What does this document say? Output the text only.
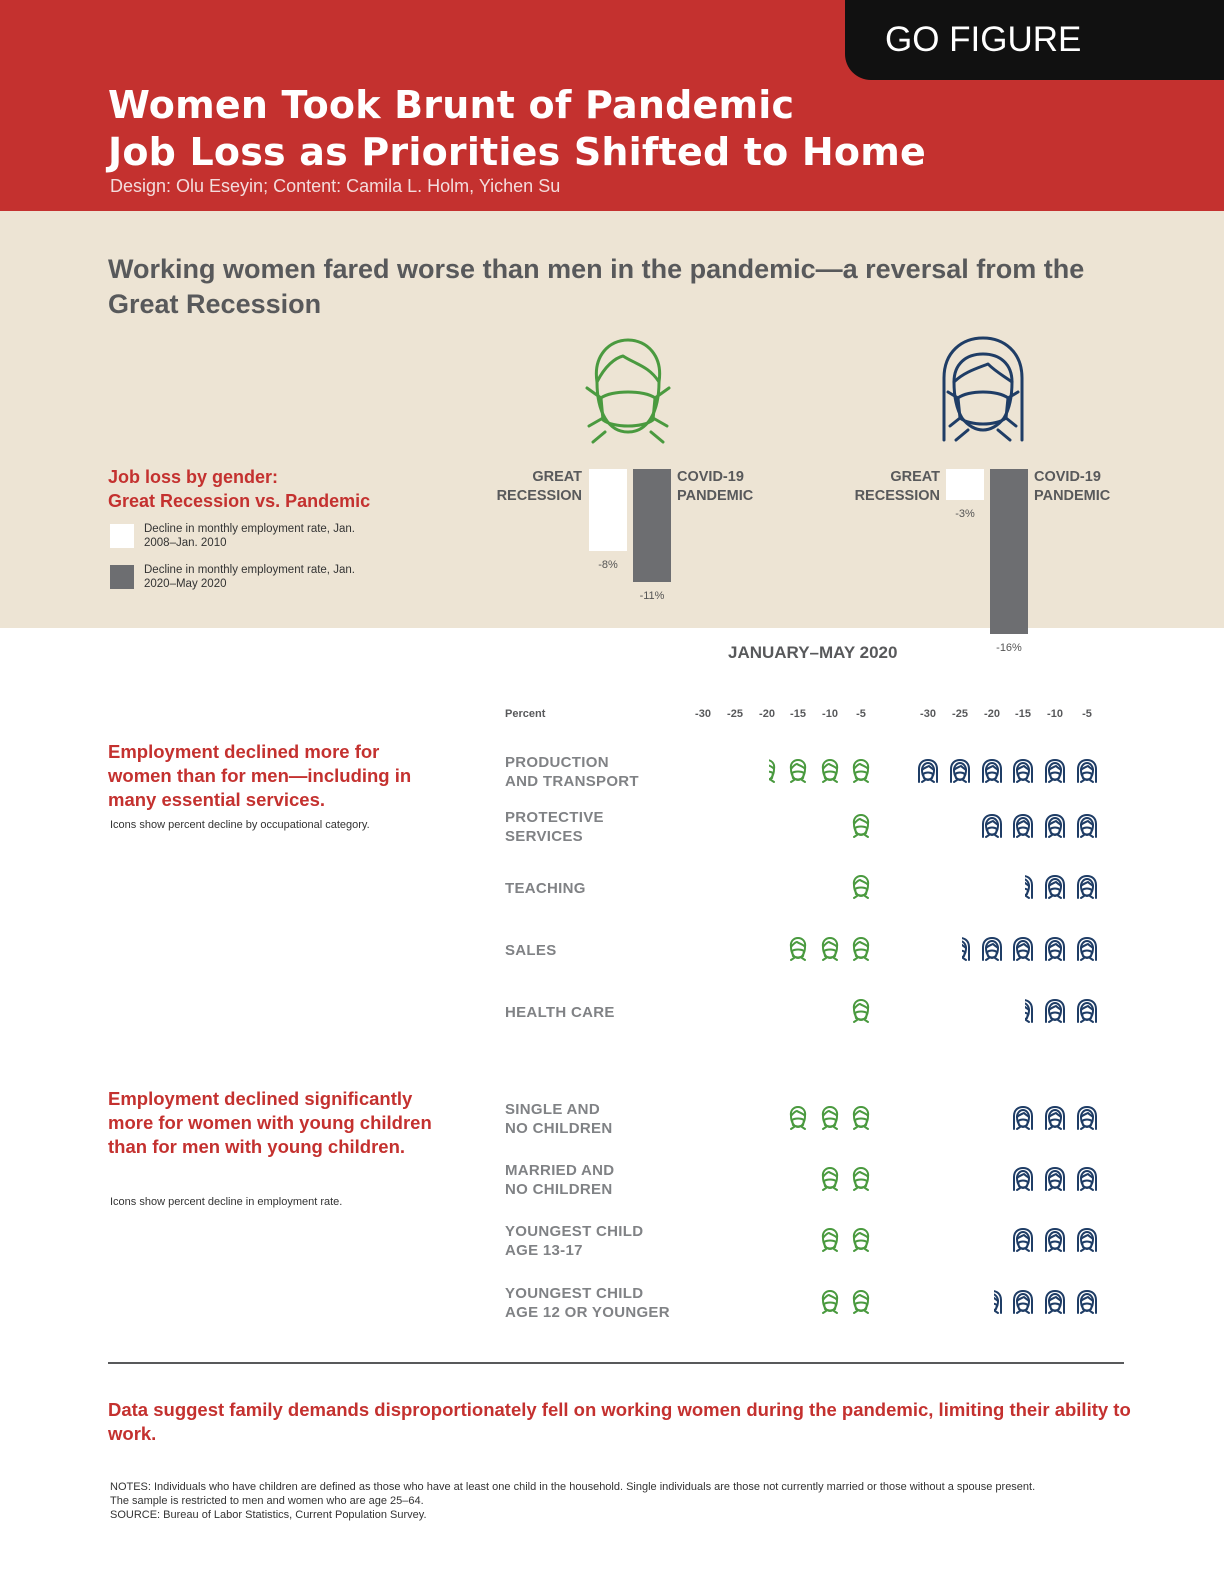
GO FIGURE
Women Took Brunt of Pandemic
Job Loss as Priorities Shifted to Home
Design: Olu Eseyin; Content: Camila L. Holm, Yichen Su
Working women fared worse than men in the pandemic—a reversal from the Great Recession
Job loss by gender:
Great Recession vs. Pandemic
Decline in monthly employment rate, Jan. 2008–Jan. 2010
Decline in monthly employment rate, Jan. 2020–May 2020
GREAT
RECESSION
COVID-19
PANDEMIC
GREAT
RECESSION
COVID-19
PANDEMIC
-8%
-11%
-3%
-16%
JANUARY–MAY 2020
Percent	-30	-25	-20	-15	-10	-5	-30	-25	-20	-15	-10	-5
Employment declined more for women than for men—including in many essential services.
Icons show percent decline by occupational category.
Employment declined significantly more for women with young children than for men with young children.
Icons show percent decline in employment rate.
PRODUCTION
AND TRANSPORT
PROTECTIVE
SERVICES
TEACHING
SALES
HEALTH CARE
SINGLE AND
NO CHILDREN
MARRIED AND
NO CHILDREN
YOUNGEST CHILD
AGE 13-17
YOUNGEST CHILD
AGE 12 OR YOUNGER
Data suggest family demands disproportionately fell on working women during the pandemic, limiting their ability to work.
NOTES: Individuals who have children are defined as those who have at least one child in the household. Single individuals are those not currently married or those without a spouse present.
The sample is restricted to men and women who are age 25–64.
SOURCE: Bureau of Labor Statistics, Current Population Survey.
